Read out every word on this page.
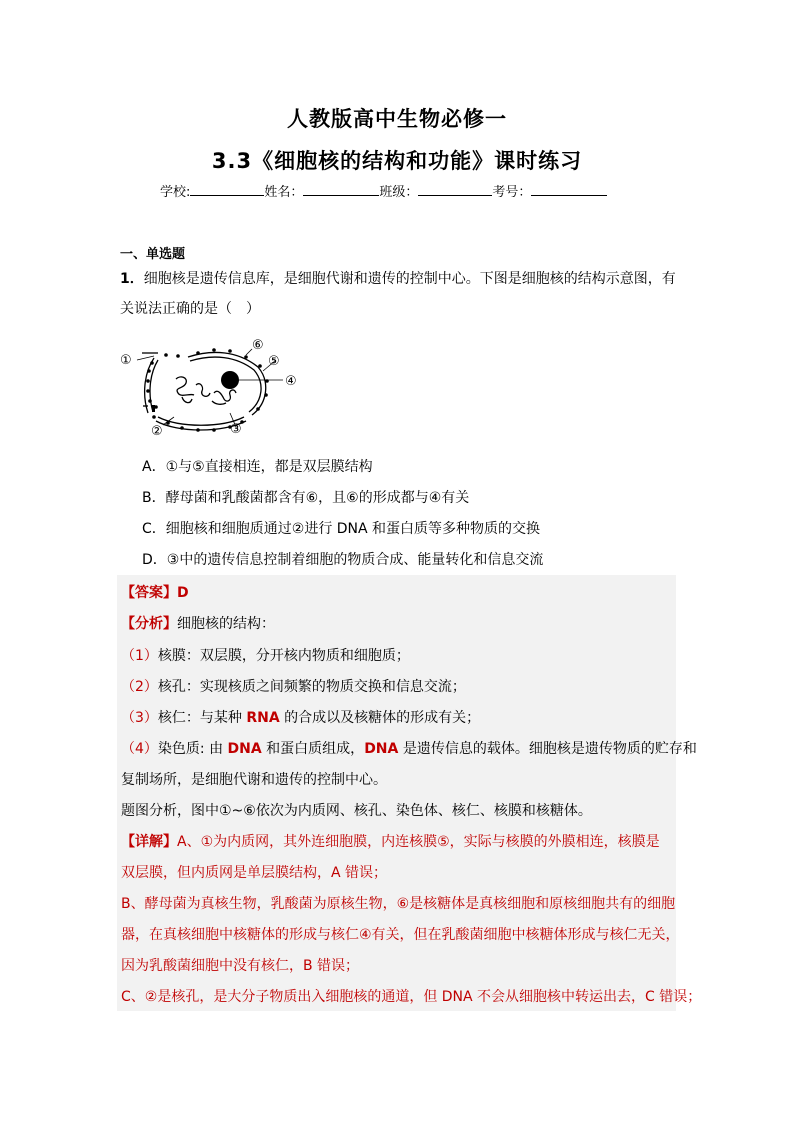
人教版高中生物必修一
3.3《细胞核的结构和功能》课时练习
学校:	姓名：	班级：	考号：
一、单选题
1．细胞核是遗传信息库，是细胞代谢和遗传的控制中心。下图是细胞核的结构示意图，有
关说法正确的是（　）
①
②	③
④
⑤
⑥
A．①与⑤直接相连，都是双层膜结构
B．酵母菌和乳酸菌都含有⑥，且⑥的形成都与④有关
C．细胞核和细胞质通过②进行 DNA 和蛋白质等多种物质的交换
D．③中的遗传信息控制着细胞的物质合成、能量转化和信息交流
【答案】D
【分析】细胞核的结构：
（1）核膜：双层膜，分开核内物质和细胞质；
（2）核孔：实现核质之间频繁的物质交换和信息交流；
（3）核仁：与某种 RNA 的合成以及核糖体的形成有关；
（4）染色质: 由 DNA 和蛋白质组成，DNA 是遗传信息的载体。细胞核是遗传物质的贮存和
复制场所，是细胞代谢和遗传的控制中心。
题图分析，图中①~⑥依次为内质网、核孔、染色体、核仁、核膜和核糖体。
【详解】A、①为内质网，其外连细胞膜，内连核膜⑤，实际与核膜的外膜相连，核膜是
双层膜，但内质网是单层膜结构，A 错误；
B、酵母菌为真核生物，乳酸菌为原核生物，⑥是核糖体是真核细胞和原核细胞共有的细胞
器，在真核细胞中核糖体的形成与核仁④有关，但在乳酸菌细胞中核糖体形成与核仁无关，
因为乳酸菌细胞中没有核仁，B 错误；
C、②是核孔，是大分子物质出入细胞核的通道，但 DNA 不会从细胞核中转运出去，C 错误；
